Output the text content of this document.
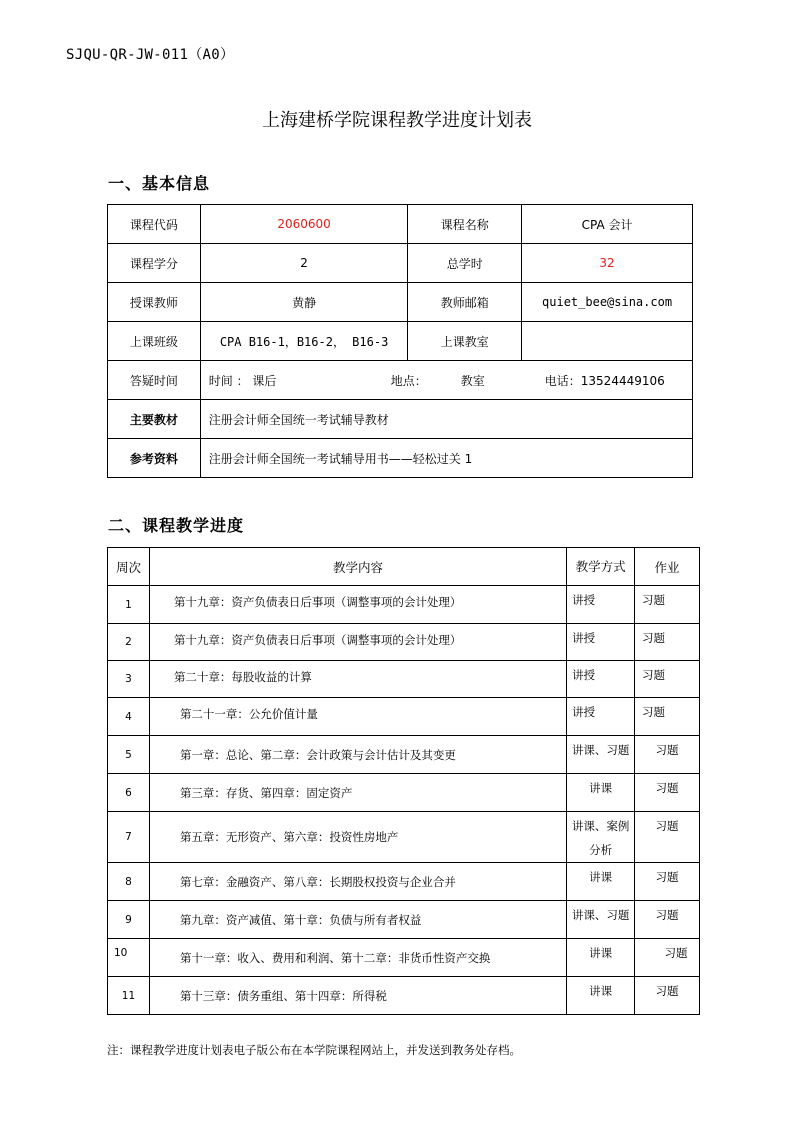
SJQU-QR-JW-011（A0）
上海建桥学院课程教学进度计划表
一、基本信息
课程代码	2060600	课程名称	CPA 会计
课程学分	2	总学时	32
授课教师	黄静	教师邮箱	quiet_bee@sina.com
上课班级	CPA B16-1，B16-2， B16-3	上课教室	
答疑时间	时间 ： 课后 地点： 教室 电话：13524449106		
主要教材	注册会计师全国统一考试辅导教材		
参考资料	注册会计师全国统一考试辅导用书——轻松过关 1		
二、课程教学进度
周次	教学内容	教学方式	作业
1	第十九章：资产负债表日后事项（调整事项的会计处理）	讲授	习题
2	第十九章：资产负债表日后事项（调整事项的会计处理）	讲授	习题
3	第二十章：每股收益的计算	讲授	习题
4	第二十一章：公允价值计量	讲授	习题
5	第一章：总论、第二章：会计政策与会计估计及其变更	讲课、习题	习题
6	第三章：存货、第四章：固定资产	讲课	习题
7	第五章：无形资产、第六章：投资性房地产	讲课、案例分析	习题
8	第七章：金融资产、第八章：长期股权投资与企业合并	讲课	习题
9	第九章：资产减值、第十章：负债与所有者权益	讲课、习题	习题
10	第十一章：收入、费用和利润、第十二章：非货币性资产交换	讲课	习题
11	第十三章：债务重组、第十四章：所得税	讲课	习题
注：课程教学进度计划表电子版公布在本学院课程网站上，并发送到教务处存档。
